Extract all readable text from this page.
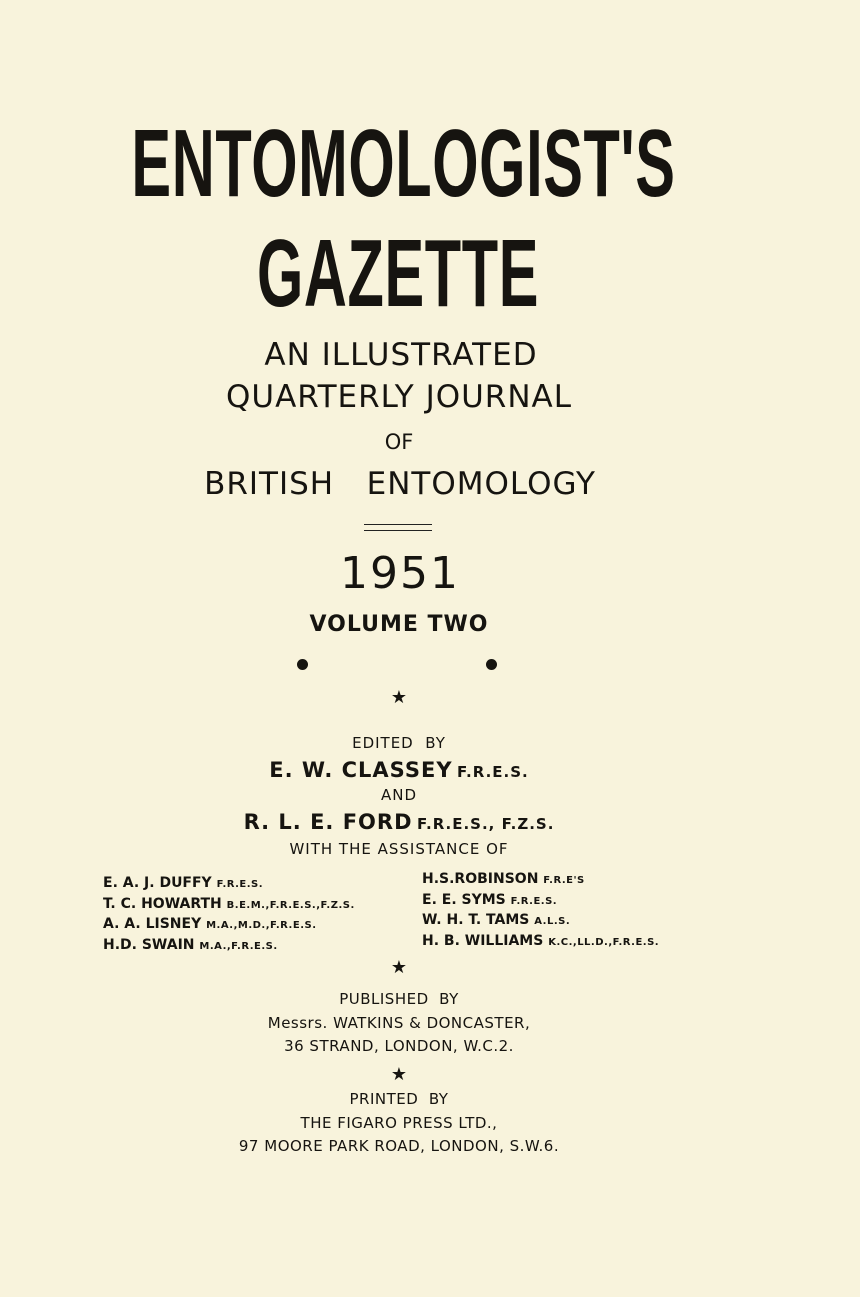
ENTOMOLOGIST'S
GAZETTE
AN ILLUSTRATED
QUARTERLY JOURNAL
OF
BRITISH   ENTOMOLOGY
1951
VOLUME TWO
★
EDITED  BY
E. W. CLASSEY F.R.E.S.
AND
R. L. E. FORD F.R.E.S., F.Z.S.
WITH THE ASSISTANCE OF
E. A. J. DUFFY F.R.E.S.
T. C. HOWARTH B.E.M.,F.R.E.S.,F.Z.S.
A. A. LISNEY M.A.,M.D.,F.R.E.S.
H.D. SWAIN M.A.,F.R.E.S.
H.S.ROBINSON F.R.E'S
E. E. SYMS F.R.E.S.
W. H. T. TAMS A.L.S.
H. B. WILLIAMS K.C.,LL.D.,F.R.E.S.
★
PUBLISHED  BY
Messrs. WATKINS & DONCASTER,
36 STRAND, LONDON, W.C.2.
★
PRINTED  BY
THE FIGARO PRESS LTD.,
97 MOORE PARK ROAD, LONDON, S.W.6.
